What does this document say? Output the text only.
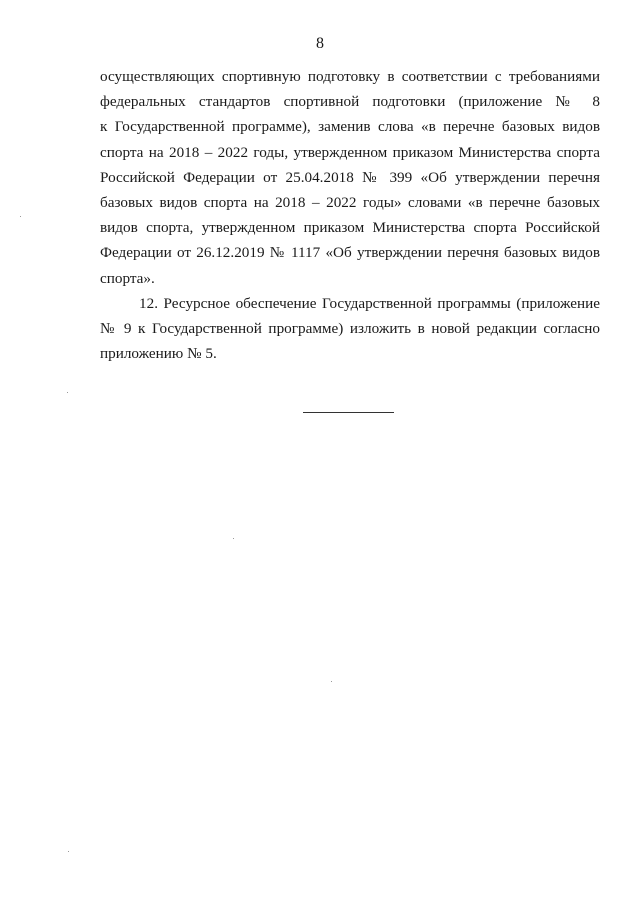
8
осуществляющих спортивную подготовку в соответствии с требованиями
федеральных стандартов спортивной подготовки (приложение № 8
к Государственной программе), заменив слова «в перечне базовых видов
спорта на 2018 – 2022 годы, утвержденном приказом Министерства спорта
Российской Федерации от 25.04.2018 № 399 «Об утверждении перечня
базовых видов спорта на 2018 – 2022 годы» словами «в перечне базовых
видов спорта, утвержденном приказом Министерства спорта Российской
Федерации от 26.12.2019 № 1117 «Об утверждении перечня базовых видов
спорта».
12. Ресурсное обеспечение Государственной программы (приложение
№ 9 к Государственной программе) изложить в новой редакции согласно
приложению № 5.
